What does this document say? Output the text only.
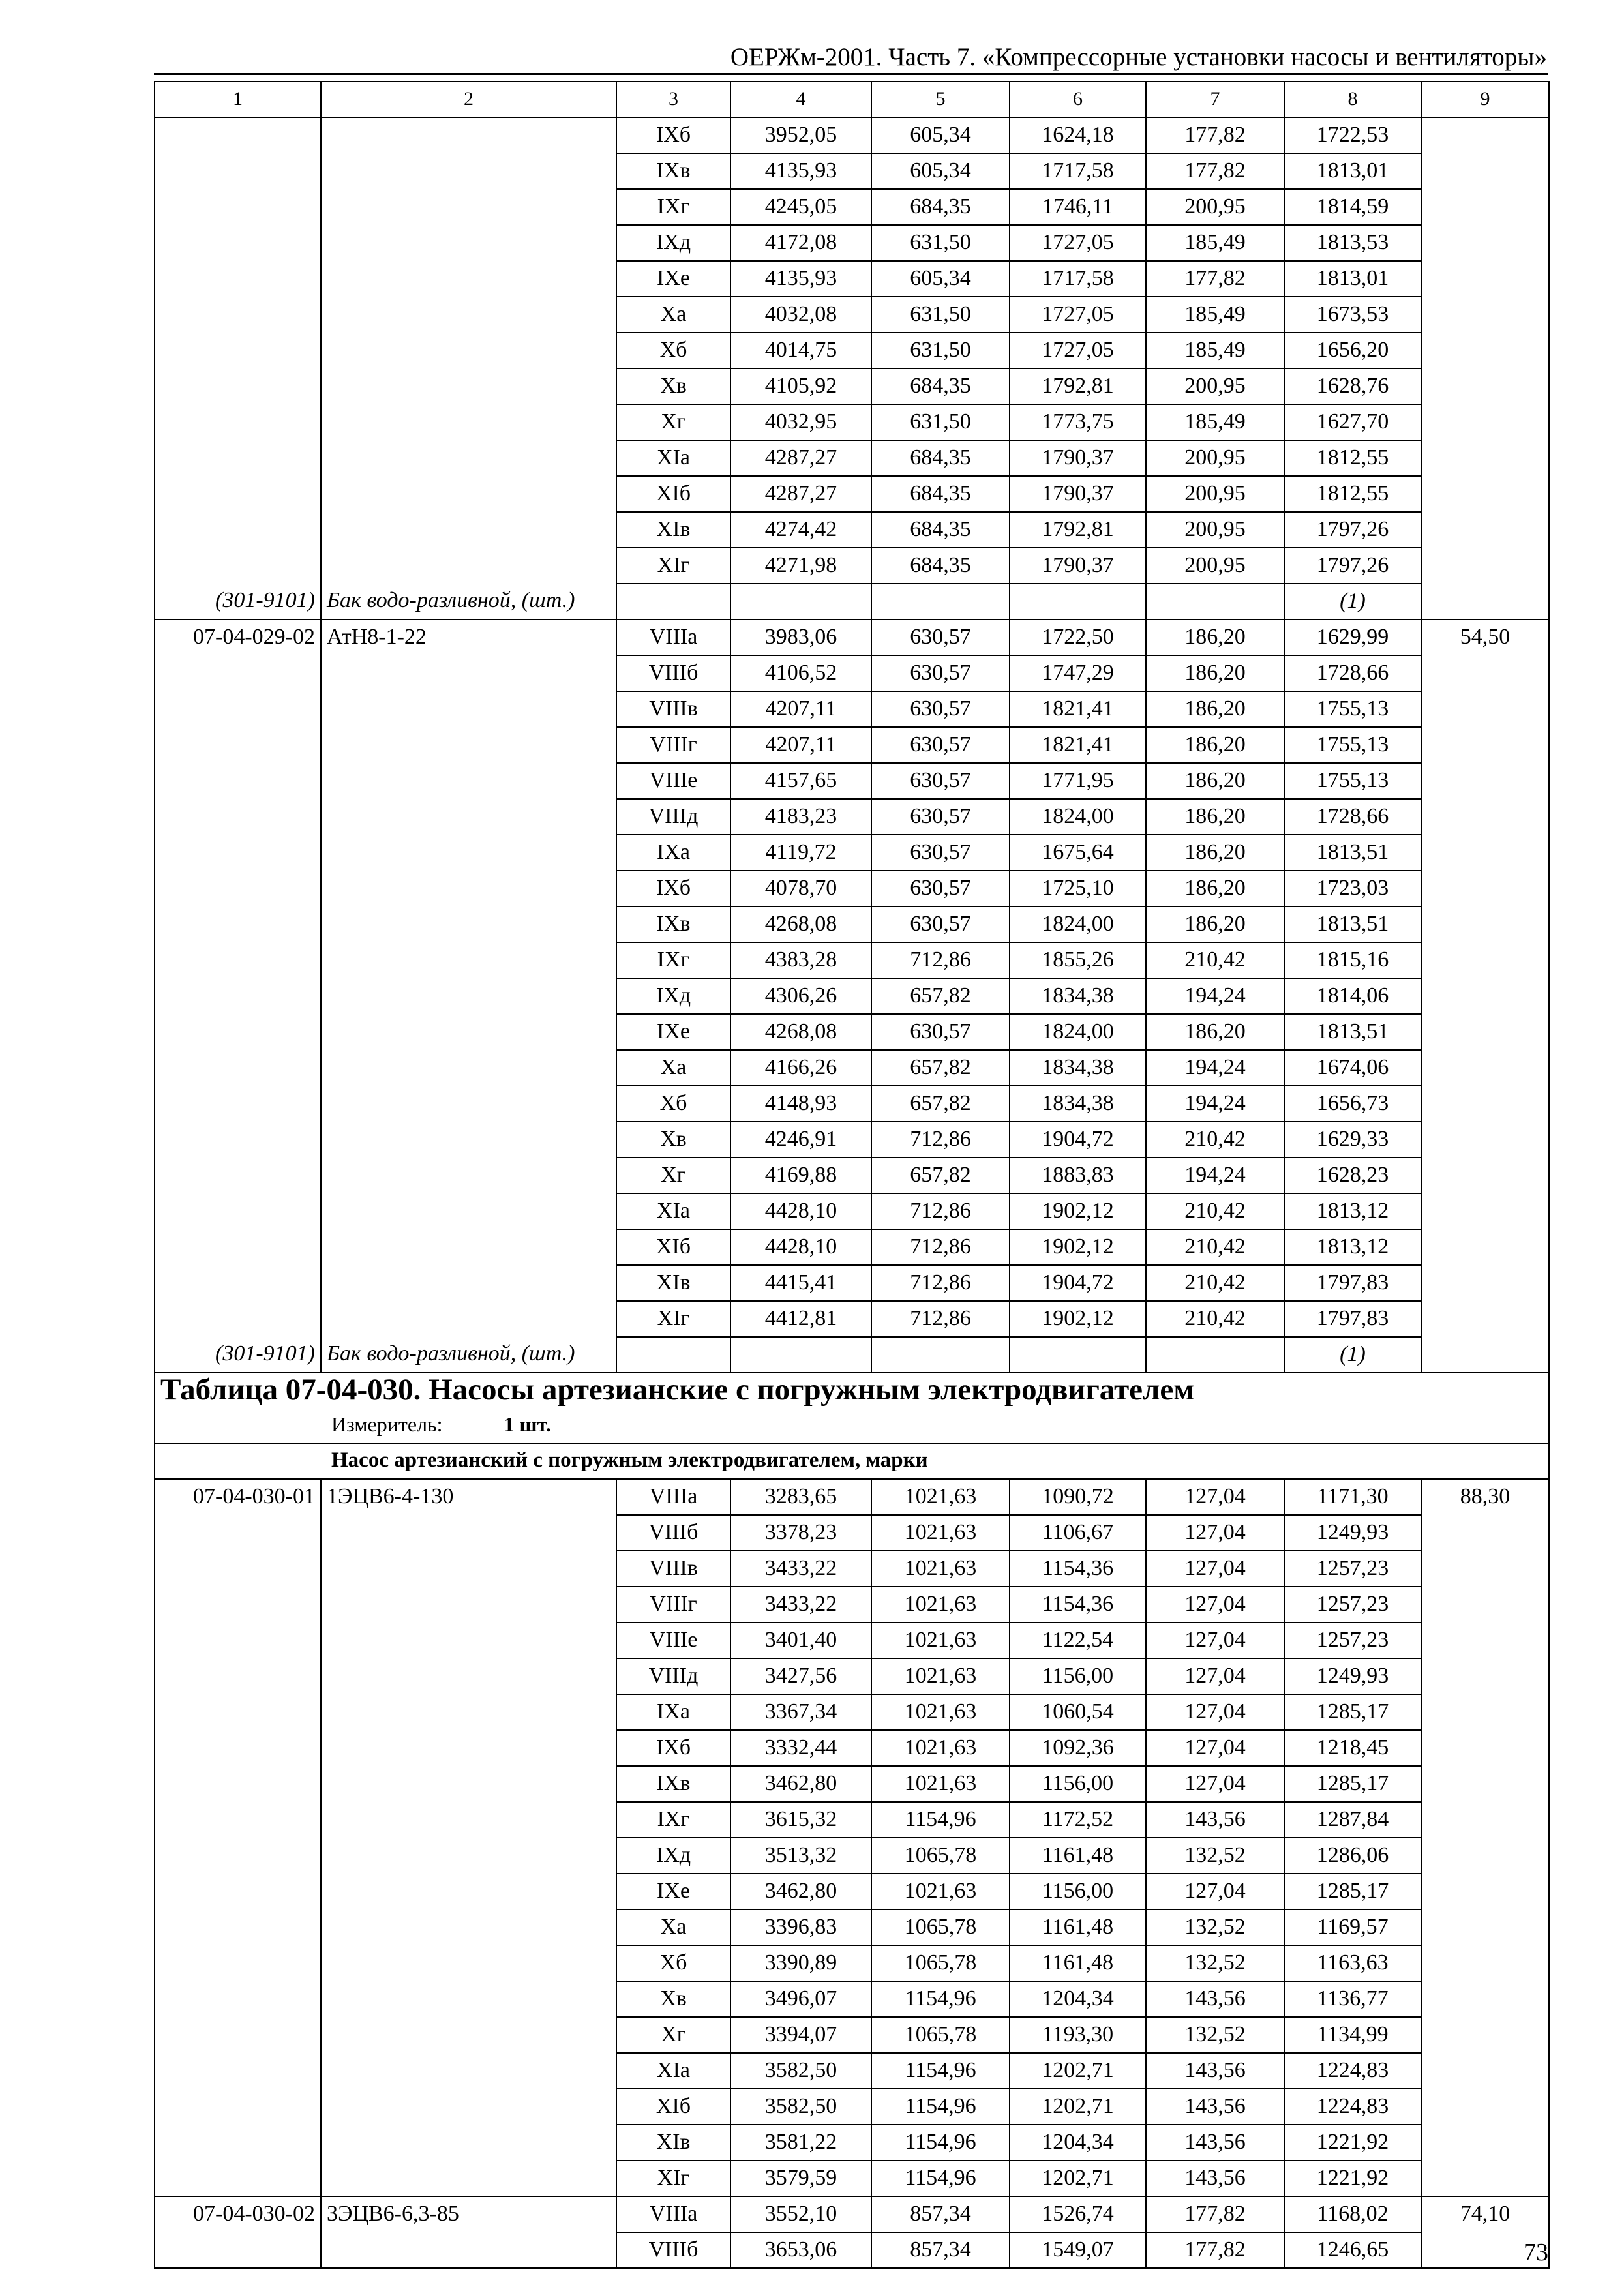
ОЕРЖм-2001. Часть 7. «Компрессорные установки насосы и вентиляторы»
1	2	3	4	5	6	7	8	9
		IXб	3952,05	605,34	1624,18	177,82	1722,53	
		IXв	4135,93	605,34	1717,58	177,82	1813,01	
		IXг	4245,05	684,35	1746,11	200,95	1814,59	
		IXд	4172,08	631,50	1727,05	185,49	1813,53	
		IXе	4135,93	605,34	1717,58	177,82	1813,01	
		Xа	4032,08	631,50	1727,05	185,49	1673,53	
		Xб	4014,75	631,50	1727,05	185,49	1656,20	
		Xв	4105,92	684,35	1792,81	200,95	1628,76	
		Xг	4032,95	631,50	1773,75	185,49	1627,70	
		XIа	4287,27	684,35	1790,37	200,95	1812,55	
		XIб	4287,27	684,35	1790,37	200,95	1812,55	
		XIв	4274,42	684,35	1792,81	200,95	1797,26	
		XIг	4271,98	684,35	1790,37	200,95	1797,26	
(301-9101)	Бак водо-разливной, (шт.)						(1)	
07-04-029-02	АтН8-1-22	VIIIа	3983,06	630,57	1722,50	186,20	1629,99	54,50
		VIIIб	4106,52	630,57	1747,29	186,20	1728,66	
		VIIIв	4207,11	630,57	1821,41	186,20	1755,13	
		VIIIг	4207,11	630,57	1821,41	186,20	1755,13	
		VIIIе	4157,65	630,57	1771,95	186,20	1755,13	
		VIIIд	4183,23	630,57	1824,00	186,20	1728,66	
		IXа	4119,72	630,57	1675,64	186,20	1813,51	
		IXб	4078,70	630,57	1725,10	186,20	1723,03	
		IXв	4268,08	630,57	1824,00	186,20	1813,51	
		IXг	4383,28	712,86	1855,26	210,42	1815,16	
		IXд	4306,26	657,82	1834,38	194,24	1814,06	
		IXе	4268,08	630,57	1824,00	186,20	1813,51	
		Xа	4166,26	657,82	1834,38	194,24	1674,06	
		Xб	4148,93	657,82	1834,38	194,24	1656,73	
		Xв	4246,91	712,86	1904,72	210,42	1629,33	
		Xг	4169,88	657,82	1883,83	194,24	1628,23	
		XIа	4428,10	712,86	1902,12	210,42	1813,12	
		XIб	4428,10	712,86	1902,12	210,42	1813,12	
		XIв	4415,41	712,86	1904,72	210,42	1797,83	
		XIг	4412,81	712,86	1902,12	210,42	1797,83	
(301-9101)	Бак водо-разливной, (шт.)						(1)	
Таблица 07-04-030. Насосы артезианские с погружным электродвигателем								
Измеритель: 1 шт.								
Насос артезианский с погружным электродвигателем, марки								
07-04-030-01	1ЭЦВ6-4-130	VIIIа	3283,65	1021,63	1090,72	127,04	1171,30	88,30
		VIIIб	3378,23	1021,63	1106,67	127,04	1249,93	
		VIIIв	3433,22	1021,63	1154,36	127,04	1257,23	
		VIIIг	3433,22	1021,63	1154,36	127,04	1257,23	
		VIIIе	3401,40	1021,63	1122,54	127,04	1257,23	
		VIIIд	3427,56	1021,63	1156,00	127,04	1249,93	
		IXа	3367,34	1021,63	1060,54	127,04	1285,17	
		IXб	3332,44	1021,63	1092,36	127,04	1218,45	
		IXв	3462,80	1021,63	1156,00	127,04	1285,17	
		IXг	3615,32	1154,96	1172,52	143,56	1287,84	
		IXд	3513,32	1065,78	1161,48	132,52	1286,06	
		IXе	3462,80	1021,63	1156,00	127,04	1285,17	
		Xа	3396,83	1065,78	1161,48	132,52	1169,57	
		Xб	3390,89	1065,78	1161,48	132,52	1163,63	
		Xв	3496,07	1154,96	1204,34	143,56	1136,77	
		Xг	3394,07	1065,78	1193,30	132,52	1134,99	
		XIа	3582,50	1154,96	1202,71	143,56	1224,83	
		XIб	3582,50	1154,96	1202,71	143,56	1224,83	
		XIв	3581,22	1154,96	1204,34	143,56	1221,92	
		XIг	3579,59	1154,96	1202,71	143,56	1221,92	
07-04-030-02	3ЭЦВ6-6,3-85	VIIIа	3552,10	857,34	1526,74	177,82	1168,02	74,10
		VIIIб	3653,06	857,34	1549,07	177,82	1246,65		73
